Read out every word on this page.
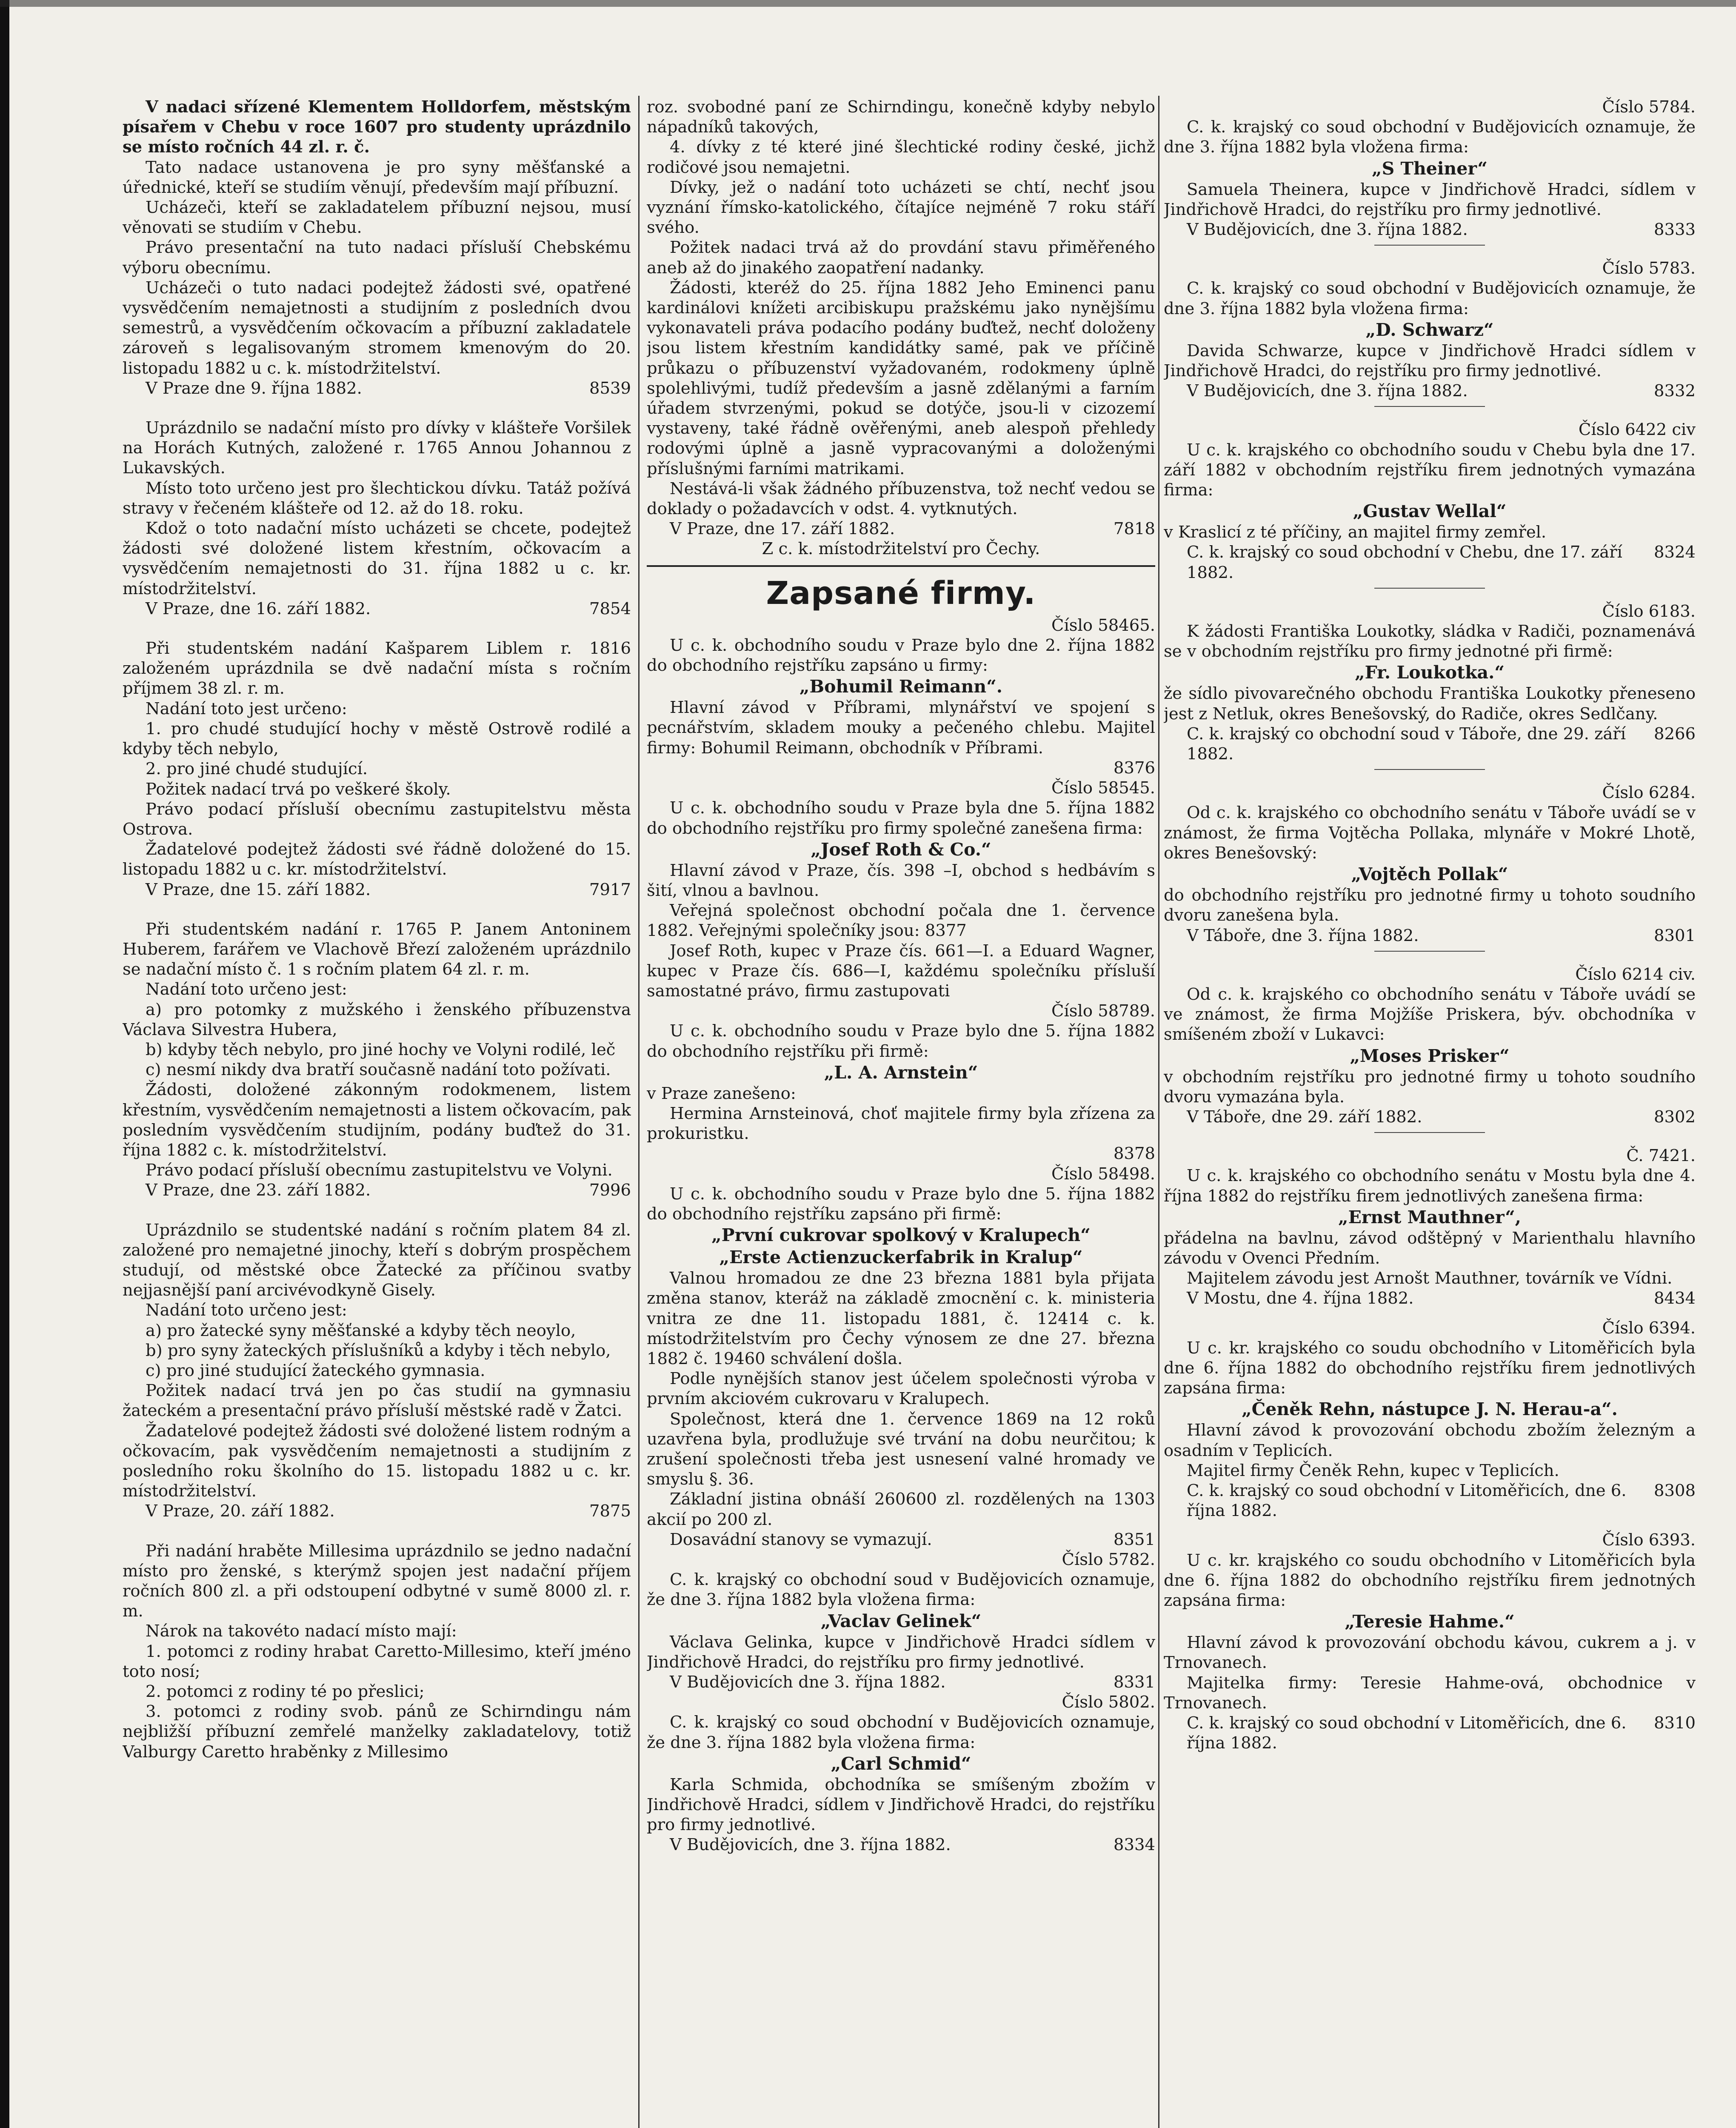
V nadaci sřízené Klementem Holldorfem, městským písařem v Chebu v roce 1607 pro studenty uprázdnilo se místo ročních 44 zl. r. č.

Tato nadace ustanovena je pro syny měšťanské a úřednické, kteří se studiím věnují, především mají příbuzní.

Ucházeči, kteří se zakladatelem příbuzní nejsou, musí věnovati se studiím v Chebu.

Právo presentační na tuto nadaci přísluší Chebskému výboru obecnímu.

Ucházeči o tuto nadaci podejtež žádosti své, opatřené vysvědčením nemajetnosti a studijním z posledních dvou semestrů, a vysvědčením očkovacím a příbuzní zakladatele zároveň s legalisovaným stromem kmenovým do 20. listopadu 1882 u c. k. místodržitelství.

V Praze dne 9. října 1882.	8539

Uprázdnilo se nadační místo pro dívky v klášteře Voršilek na Horách Kutných, založené r. 1765 Annou Johannou z Lukavských.

Místo toto určeno jest pro šlechtickou dívku. Tatáž požívá stravy v řečeném klášteře od 12. až do 18. roku.

Kdož o toto nadační místo ucházeti se chcete, podejtež žádosti své doložené listem křestním, očkovacím a vysvědčením nemajetnosti do 31. října 1882 u c. kr. místodržitelství.

V Praze, dne 16. září 1882.	7854

Při studentském nadání Kašparem Liblem r. 1816 založeném uprázdnila se dvě nadační místa s ročním příjmem 38 zl. r. m.

Nadání toto jest určeno:

1. pro chudé studující hochy v městě Ostrově rodilé a kdyby těch nebylo,

2. pro jiné chudé studující.

Požitek nadací trvá po veškeré školy.

Právo podací přísluší obecnímu zastupitelstvu města Ostrova.

Žadatelové podejtež žádosti své řádně doložené do 15. listopadu 1882 u c. kr. místodržitelství.

V Praze, dne 15. září 1882.	7917

Při studentském nadání r. 1765 P. Janem Antoninem Huberem, farářem ve Vlachově Březí založeném uprázdnilo se nadační místo č. 1 s ročním platem 64 zl. r. m.

Nadání toto určeno jest:

a) pro potomky z mužského i ženského příbuzenstva Václava Silvestra Hubera,

b) kdyby těch nebylo, pro jiné hochy ve Volyni rodilé, leč

c) nesmí nikdy dva bratří současně nadání toto požívati.

Žádosti, doložené zákonným rodokmenem, listem křestním, vysvědčením nemajetnosti a listem očkovacím, pak posledním vysvědčením studijním, podány buďtež do 31. října 1882 c. k. místodržitelství.

Právo podací přísluší obecnímu zastupitelstvu ve Volyni.

V Praze, dne 23. září 1882.	7996

Uprázdnilo se studentské nadání s ročním platem 84 zl. založené pro nemajetné jinochy, kteří s dobrým prospěchem studují, od městské obce Žatecké za příčinou svatby nejjasnější paní arcivévodkyně Gisely.

Nadání toto určeno jest:

a) pro žatecké syny měšťanské a kdyby těch neoylo,

b) pro syny žateckých příslušníků a kdyby i těch nebylo,

c) pro jiné studující žateckého gymnasia.

Požitek nadací trvá jen po čas studií na gymnasiu žateckém a presentační právo přísluší městské radě v Žatci.

Žadatelové podejtež žádosti své doložené listem rodným a očkovacím, pak vysvědčením nemajetnosti a studijním z posledního roku školního do 15. listopadu 1882 u c. kr. místodržitelství.

V Praze, 20. září 1882.	7875

Při nadání hraběte Millesima uprázdnilo se jedno nadační místo pro ženské, s kterýmž spojen jest nadační příjem ročních 800 zl. a při odstoupení odbytné v sumě 8000 zl. r. m.

Nárok na takovéto nadací místo mají:

1. potomci z rodiny hrabat Caretto-Millesimo, kteří jméno toto nosí;

2. potomci z rodiny té po přeslici;

3. potomci z rodiny svob. pánů ze Schirndingu nám nejbližší příbuzní zemřelé manželky zakladatelovy, totiž Valburgy Caretto hraběnky z Millesimo

roz. svobodné paní ze Schirndingu, konečně kdyby nebylo nápadníků takových,

4. dívky z té které jiné šlechtické rodiny české, jichž rodičové jsou nemajetni.

Dívky, jež o nadání toto ucházeti se chtí, nechť jsou vyznání římsko-katolického, čítajíce nejméně 7 roku stáří svého.

Požitek nadaci trvá až do provdání stavu přiměřeného aneb až do jinakého zaopatření nadanky.

Žádosti, kteréž do 25. října 1882 Jeho Eminenci panu kardinálovi knížeti arcibiskupu pražskému jako nynějšímu vykonavateli práva podacího podány buďtež, nechť doloženy jsou listem křestním kandidátky samé, pak ve příčině průkazu o příbuzenství vyžadovaném, rodokmeny úplně spolehlivými, tudíž především a jasně zdělanými a farním úřadem stvrzenými, pokud se dotýče, jsou-li v cizozemí vystaveny, také řádně ověřenými, aneb alespoň přehledy rodovými úplně a jasně vypracovanými a doloženými příslušnými farními matrikami.

Nestává-li však žádného příbuzenstva, tož nechť vedou se doklady o požadavcích v odst. 4. vytknutých.

V Praze, dne 17. září 1882.	7818

Z c. k. místodržitelství pro Čechy.

Zapsané firmy.

Číslo 58465.

U c. k. obchodního soudu v Praze bylo dne 2. října 1882 do obchodního rejstříku zapsáno u firmy:

„Bohumil Reimann“.

Hlavní závod v Příbrami, mlynářství ve spojení s pecnářstvím, skladem mouky a pečeného chlebu. Majitel firmy: Bohumil Reimann, obchodník v Příbrami.

8376

Číslo 58545.

U c. k. obchodního soudu v Praze byla dne 5. října 1882 do obchodního rejstříku pro firmy společné zanešena firma:

„Josef Roth & Co.“

Hlavní závod v Praze, čís. 398 –I, obchod s hedbávím s šití, vlnou a bavlnou.

Veřejná společnost obchodní počala dne 1. července 1882. Veřejnými společníky jsou: 8377

Josef Roth, kupec v Praze čís. 661—I. a Eduard Wagner, kupec v Praze čís. 686—I, každému společníku přísluší samostatné právo, firmu zastupovati

Číslo 58789.

U c. k. obchodního soudu v Praze bylo dne 5. října 1882 do obchodního rejstříku při firmě:

„L. A. Arnstein“

v Praze zanešeno:

Hermina Arnsteinová, choť majitele firmy byla zřízena za prokuristku.

8378

Číslo 58498.

U c. k. obchodního soudu v Praze bylo dne 5. října 1882 do obchodního rejstříku zapsáno při firmě:

„První cukrovar spolkový v Kralupech“
„Erste Actienzuckerfabrik in Kralup“

Valnou hromadou ze dne 23 března 1881 byla přijata změna stanov, kteráž na základě zmocnění c. k. ministeria vnitra ze dne 11. listopadu 1881, č. 12414 c. k. místodržitelstvím pro Čechy výnosem ze dne 27. března 1882 č. 19460 schválení došla.

Podle nynějších stanov jest účelem společnosti výroba v prvním akciovém cukrovaru v Kralupech.

Společnost, která dne 1. července 1869 na 12 roků uzavřena byla, prodlužuje své trvání na dobu neurčitou; k zrušení společnosti třeba jest usnesení valné hromady ve smyslu §. 36.

Základní jistina obnáší 260600 zl. rozdělených na 1303 akcií po 200 zl.

Dosavádní stanovy se vymazují.	8351

Číslo 5782.

C. k. krajský co obchodní soud v Budějovicích oznamuje, že dne 3. října 1882 byla vložena firma:

„Vaclav Gelinek“

Václava Gelinka, kupce v Jindřichově Hradci sídlem v Jindřichově Hradci, do rejstříku pro firmy jednotlivé.

V Budějovicích dne 3. října 1882.	8331

Číslo 5802.

C. k. krajský co soud obchodní v Budějovicích oznamuje, že dne 3. října 1882 byla vložena firma:

„Carl Schmid“

Karla Schmida, obchodníka se smíšeným zbožím v Jindřichově Hradci, sídlem v Jindřichově Hradci, do rejstříku pro firmy jednotlivé.

V Budějovicích, dne 3. října 1882.	8334

Číslo 5784.

C. k. krajský co soud obchodní v Budějovicích oznamuje, že dne 3. října 1882 byla vložena firma:

„S Theiner“

Samuela Theinera, kupce v Jindřichově Hradci, sídlem v Jindřichově Hradci, do rejstříku pro firmy jednotlivé.

V Budějovicích, dne 3. října 1882.	8333

Číslo 5783.

C. k. krajský co soud obchodní v Budějovicích oznamuje, že dne 3. října 1882 byla vložena firma:

„D. Schwarz“

Davida Schwarze, kupce v Jindřichově Hradci sídlem v Jindřichově Hradci, do rejstříku pro firmy jednotlivé.

V Budějovicích, dne 3. října 1882.	8332

Číslo 6422 civ

U c. k. krajského co obchodního soudu v Chebu byla dne 17. září 1882 v obchodním rejstříku firem jednotných vymazána firma:

„Gustav Wellal“

v Kraslicí z té příčiny, an majitel firmy zemřel.

C. k. krajský co soud obchodní v Chebu, dne 17. září 1882.
8324

Číslo 6183.

K žádosti Františka Loukotky, sládka v Radiči, poznamenává se v obchodním rejstříku pro firmy jednotné při firmě:

„Fr. Loukotka.“

že sídlo pivovarečného obchodu Františka Loukotky přeneseno jest z Netluk, okres Benešovský, do Radiče, okres Sedlčany.

C. k. krajský co obchodní soud v Táboře, dne 29. září 1882.
8266

Číslo 6284.

Od c. k. krajského co obchodního senátu v Táboře uvádí se v známost, že firma Vojtěcha Pollaka, mlynáře v Mokré Lhotě, okres Benešovský:

„Vojtěch Pollak“

do obchodního rejstříku pro jednotné firmy u tohoto soudního dvoru zanešena byla.

V Táboře, dne 3. října 1882.	8301

Číslo 6214 civ.

Od c. k. krajského co obchodního senátu v Táboře uvádí se ve známost, že firma Mojžíše Priskera, býv. obchodníka v smíšeném zboží v Lukavci:

„Moses Prisker“

v obchodním rejstříku pro jednotné firmy u tohoto soudního dvoru vymazána byla.

V Táboře, dne 29. září 1882.	8302

Č. 7421.

U c. k. krajského co obchodního senátu v Mostu byla dne 4. října 1882 do rejstříku firem jednotlivých zanešena firma:

„Ernst Mauthner“,

přádelna na bavlnu, závod odštěpný v Marienthalu hlavního závodu v Ovenci Předním.

Majitelem závodu jest Arnošt Mauthner, továrník ve Vídni.

V Mostu, dne 4. října 1882.	8434

Číslo 6394.

U c. kr. krajského co soudu obchodního v Litoměřicích byla dne 6. října 1882 do obchodního rejstříku firem jednotlivých zapsána firma:

„Čeněk Rehn, nástupce J. N. Herau-a“.

Hlavní závod k provozování obchodu zbožím železným a osadním v Teplicích.

Majitel firmy Čeněk Rehn, kupec v Teplicích.

C. k. krajský co soud obchodní v Litoměřicích, dne 6. října 1882.
8308

Číslo 6393.

U c. kr. krajského co soudu obchodního v Litoměřicích byla dne 6. října 1882 do obchodního rejstříku firem jednotných zapsána firma:

„Teresie Hahme.“

Hlavní závod k provozování obchodu kávou, cukrem a j. v Trnovanech.

Majitelka firmy: Teresie Hahme-ová, obchodnice v Trnovanech.

C. k. krajský co soud obchodní v Litoměřicích, dne 6. října 1882.
8310
